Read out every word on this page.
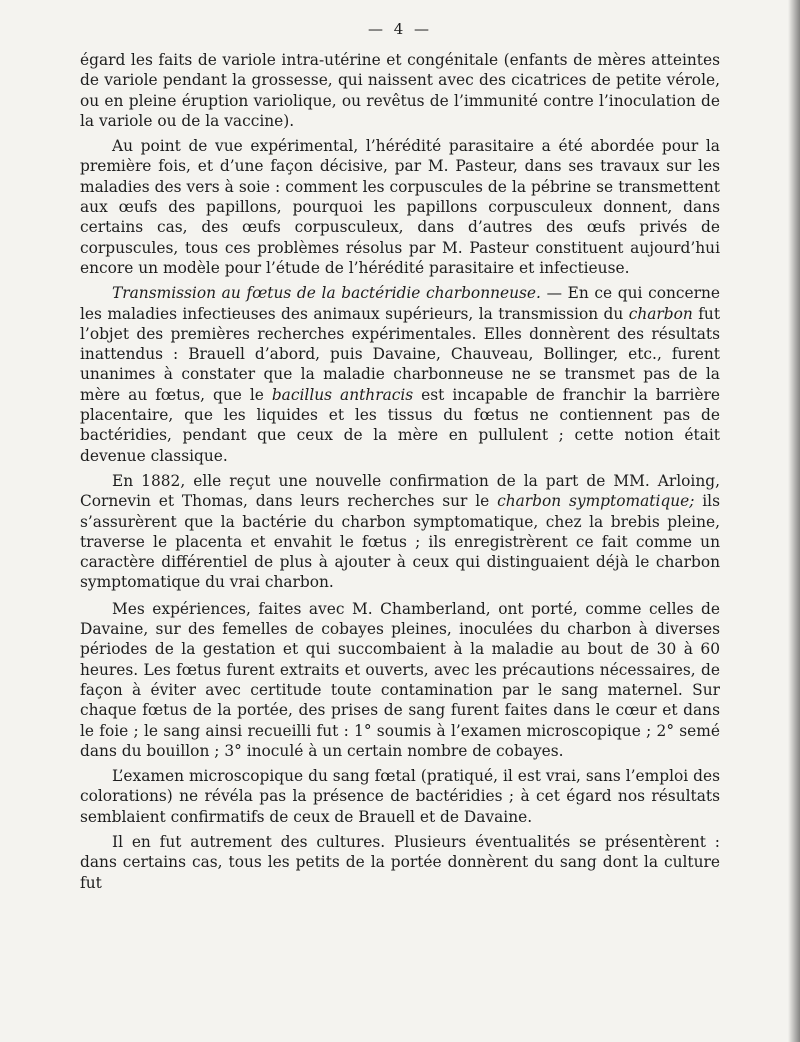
— 4 —

égard les faits de variole intra-utérine et congénitale (enfants de mères atteintes de variole pendant la grossesse, qui naissent avec des cicatrices de petite vérole, ou en pleine éruption variolique, ou revêtus de l’immunité contre l’inoculation de la variole ou de la vaccine).

Au point de vue expérimental, l’hérédité parasitaire a été abordée pour la première fois, et d’une façon décisive, par M. Pasteur, dans ses travaux sur les maladies des vers à soie : comment les corpuscules de la pébrine se transmettent aux œufs des papillons, pourquoi les papillons corpusculeux donnent, dans certains cas, des œufs corpusculeux, dans d’autres des œufs privés de corpuscules, tous ces problèmes résolus par M. Pasteur constituent aujourd’hui encore un modèle pour l’étude de l’hérédité parasitaire et infectieuse.

Transmission au fœtus de la bactéridie charbonneuse. — En ce qui concerne les maladies infectieuses des animaux supérieurs, la transmission du charbon fut l’objet des premières recherches expérimentales. Elles donnèrent des résultats inattendus : Brauell d’abord, puis Davaine, Chauveau, Bollinger, etc., furent unanimes à constater que la maladie charbonneuse ne se transmet pas de la mère au fœtus, que le bacillus anthracis est incapable de franchir la barrière placentaire, que les liquides et les tissus du fœtus ne contiennent pas de bactéridies, pendant que ceux de la mère en pullulent ; cette notion était devenue classique.

En 1882, elle reçut une nouvelle confirmation de la part de MM. Arloing, Cornevin et Thomas, dans leurs recherches sur le charbon symptomatique; ils s’assurèrent que la bactérie du charbon symptomatique, chez la brebis pleine, traverse le placenta et envahit le fœtus ; ils enregistrèrent ce fait comme un caractère différentiel de plus à ajouter à ceux qui distinguaient déjà le charbon symptomatique du vrai charbon.

Mes expériences, faites avec M. Chamberland, ont porté, comme celles de Davaine, sur des femelles de cobayes pleines, inoculées du charbon à diverses périodes de la gestation et qui succombaient à la maladie au bout de 30 à 60 heures. Les fœtus furent extraits et ouverts, avec les précautions nécessaires, de façon à éviter avec certitude toute contamination par le sang maternel. Sur chaque fœtus de la portée, des prises de sang furent faites dans le cœur et dans le foie ; le sang ainsi recueilli fut : 1° soumis à l’examen microscopique ; 2° semé dans du bouillon ; 3° inoculé à un certain nombre de cobayes.

L’examen microscopique du sang fœtal (pratiqué, il est vrai, sans l’emploi des colorations) ne révéla pas la présence de bactéridies ; à cet égard nos résultats semblaient confirmatifs de ceux de Brauell et de Davaine.

Il en fut autrement des cultures. Plusieurs éventualités se présentèrent : dans certains cas, tous les petits de la portée donnèrent du sang dont la culture fut
